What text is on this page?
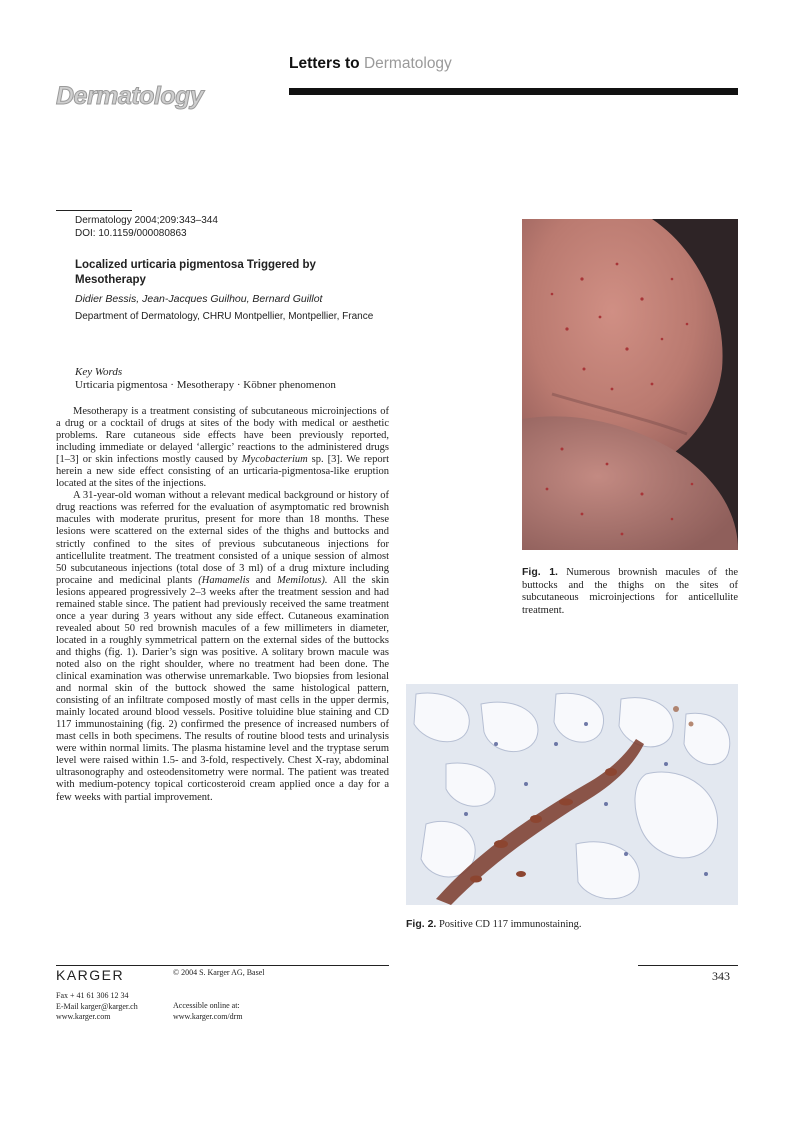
Letters to Dermatology
Dermatology
Dermatology 2004;209:343–344
DOI: 10.1159/000080863
Localized urticaria pigmentosa Triggered by Mesotherapy
Didier Bessis, Jean-Jacques Guilhou, Bernard Guillot
Department of Dermatology, CHRU Montpellier, Montpellier, France
Key Words
Urticaria pigmentosa · Mesotherapy · Köbner phenomenon

Mesotherapy is a treatment consisting of subcutaneous microinjections of a drug or a cocktail of drugs at sites of the body with medical or aesthetic problems. Rare cutaneous side effects have been previously reported, including immediate or delayed ‘allergic’ reactions to the administered drugs [1–3] or skin infections mostly caused by Mycobacterium sp. [3]. We report herein a new side effect consisting of an urticaria-pigmentosa-like eruption located at the sites of the injections.

A 31-year-old woman without a relevant medical background or history of drug reactions was referred for the evaluation of asymptomatic red brownish macules with moderate pruritus, present for more than 18 months. These lesions were scattered on the external sides of the thighs and buttocks and strictly confined to the sites of previous subcutaneous injections for anticellulite treatment. The treatment consisted of a unique session of almost 50 subcutaneous injections (total dose of 3 ml) of a drug mixture including procaine and medicinal plants (Hamamelis and Memilotus). All the skin lesions appeared progressively 2–3 weeks after the treatment session and had remained stable since. The patient had previously received the same treatment once a year during 3 years without any side effect. Cutaneous examination revealed about 50 red brownish macules of a few millimeters in diameter, located in a roughly symmetrical pattern on the external sides of the buttocks and thighs (fig. 1). Darier’s sign was positive. A solitary brown macule was noted also on the right shoulder, where no treatment had been done. The clinical examination was otherwise unremarkable. Two biopsies from lesional and normal skin of the buttock showed the same histological pattern, consisting of an infiltrate composed mostly of mast cells in the upper dermis, mainly located around blood vessels. Positive toluidine blue staining and CD 117 immunostaining (fig. 2) confirmed the presence of increased numbers of mast cells in both specimens. The results of routine blood tests and urinalysis were within normal limits. The plasma histamine level and the tryptase serum level were raised within 1.5- and 3-fold, respectively. Chest X-ray, abdominal ultrasonography and osteodensitometry were normal. The patient was treated with medium-potency topical corticosteroid cream applied once a day for a few weeks with partial improvement.

Fig. 1. Numerous brownish macules of the buttocks and the thighs on the sites of subcutaneous microinjections for anticellulite treatment.
Fig. 2. Positive CD 117 immunostaining.
KARGER	© 2004 S. Karger AG, Basel
Fax + 41 61 306 12 34
E-Mail karger@karger.ch
www.karger.com
Accessible online at:
www.karger.com/drm
343
